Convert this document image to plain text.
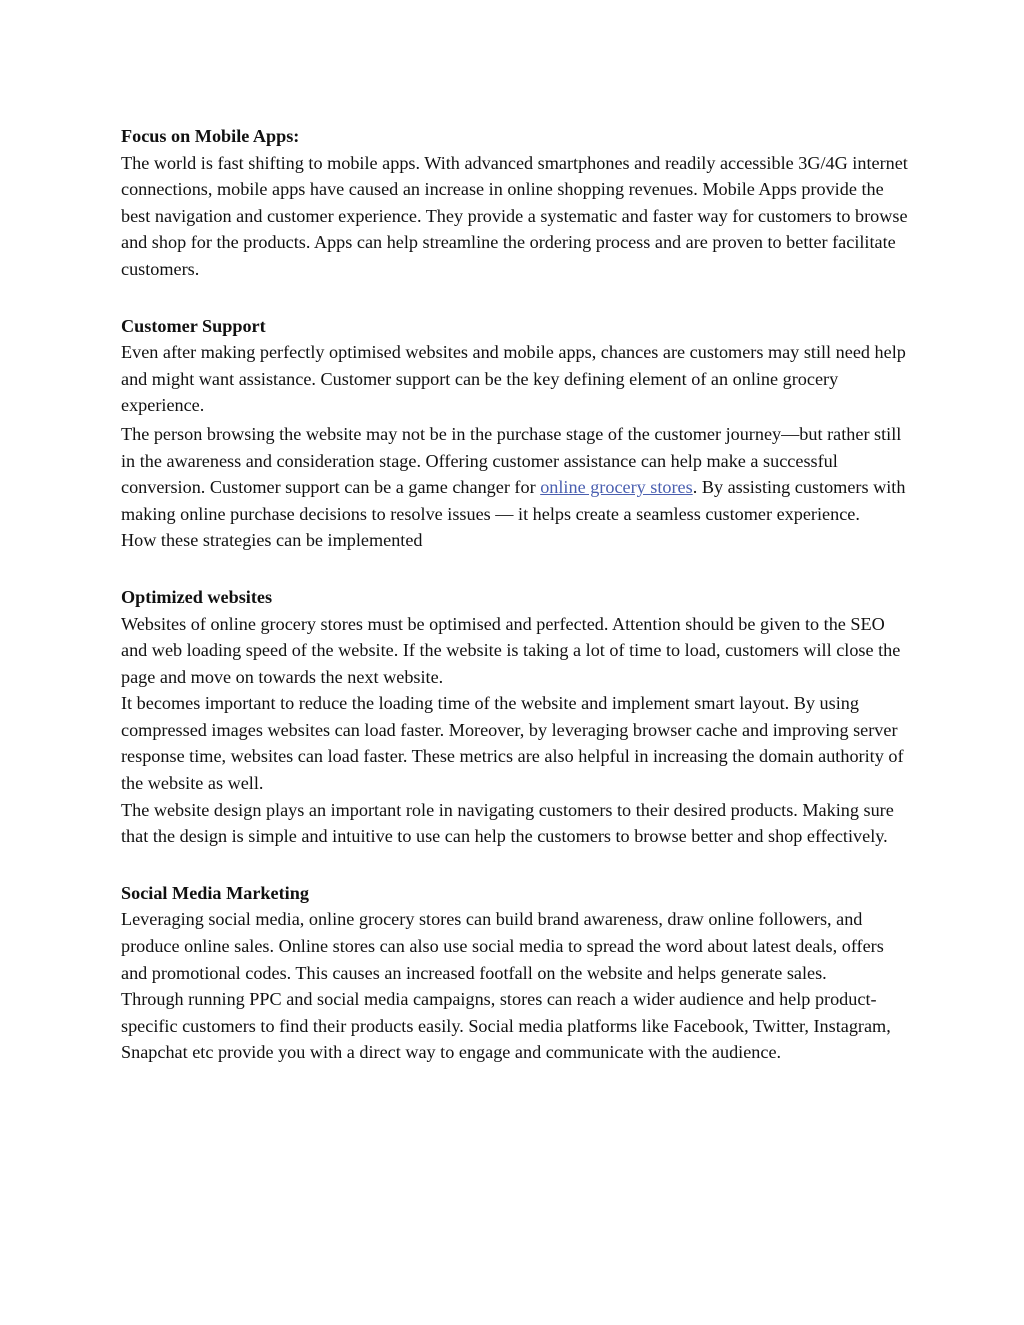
Focus on Mobile Apps:

The world is fast shifting to mobile apps. With advanced smartphones and readily accessible 3G/4G internet connections, mobile apps have caused an increase in online shopping revenues. Mobile Apps provide the best navigation and customer experience. They provide a systematic and faster way for customers to browse and shop for the products. Apps can help streamline the ordering process and are proven to better facilitate customers.

Customer Support

Even after making perfectly optimised websites and mobile apps, chances are customers may still need help and might want assistance. Customer support can be the key defining element of an online grocery experience.

The person browsing the website may not be in the purchase stage of the customer journey—but rather still in the awareness and consideration stage. Offering customer assistance can help make a successful conversion. Customer support can be a game changer for online grocery stores. By assisting customers with making online purchase decisions to resolve issues — it helps create a seamless customer experience.

How these strategies can be implemented

Optimized websites

Websites of online grocery stores must be optimised and perfected. Attention should be given to the SEO and web loading speed of the website. If the website is taking a lot of time to load, customers will close the page and move on towards the next website.

It becomes important to reduce the loading time of the website and implement smart layout. By using compressed images websites can load faster. Moreover, by leveraging browser cache and improving server response time, websites can load faster. These metrics are also helpful in increasing the domain authority of the website as well.

The website design plays an important role in navigating customers to their desired products. Making sure that the design is simple and intuitive to use can help the customers to browse better and shop effectively.

Social Media Marketing

Leveraging social media, online grocery stores can build brand awareness, draw online followers, and produce online sales. Online stores can also use social media to spread the word about latest deals, offers and promotional codes. This causes an increased footfall on the website and helps generate sales.

Through running PPC and social media campaigns, stores can reach a wider audience and help product-specific customers to find their products easily. Social media platforms like Facebook, Twitter, Instagram, Snapchat etc provide you with a direct way to engage and communicate with the audience.
